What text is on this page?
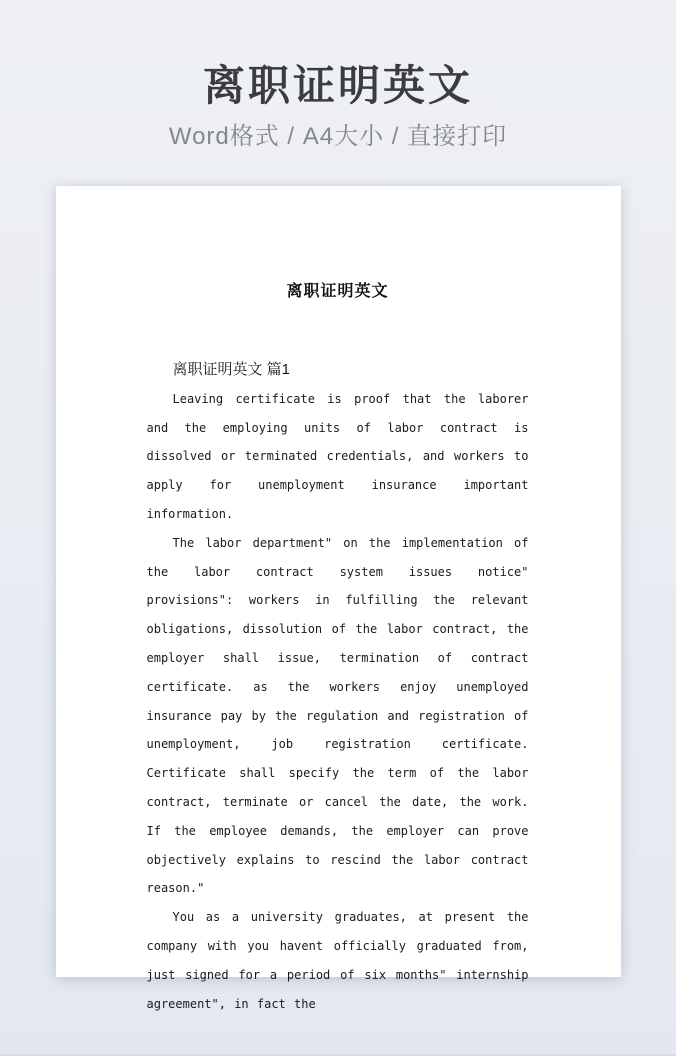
离职证明英文

Word格式 / A4大小 / 直接打印

离职证明英文

离职证明英文 篇1

Leaving certificate is proof that the laborer and the employing units of labor contract is dissolved or terminated credentials, and workers to apply for unemployment insurance important information.

The labor department" on the implementation of the labor contract system issues notice" provisions": workers in fulfilling the relevant obligations, dissolution of the labor contract, the employer shall issue, termination of contract certificate. as the workers enjoy unemployed insurance pay by the regulation and registration of unemployment, job registration certificate. Certificate shall specify the term of the labor contract, terminate or cancel the date, the work. If the employee demands, the employer can prove objectively explains to rescind the labor contract reason."

You as a university graduates, at present the company with you havent officially graduated from, just signed for a period of six months" internship agreement", in fact the
